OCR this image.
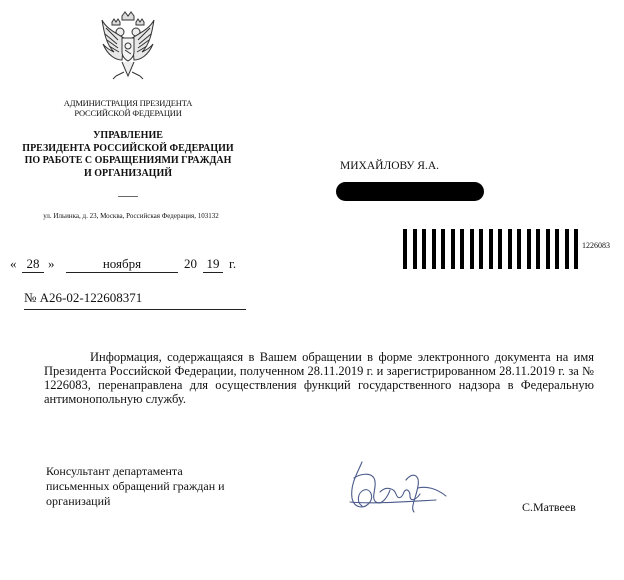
АДМИНИСТРАЦИЯ ПРЕЗИДЕНТА
РОССИЙСКОЙ ФЕДЕРАЦИИ
УПРАВЛЕНИЕ
ПРЕЗИДЕНТА РОССИЙСКОЙ ФЕДЕРАЦИИ
ПО РАБОТЕ С ОБРАЩЕНИЯМИ ГРАЖДАН
И ОРГАНИЗАЦИЙ
ул. Ильинка, д. 23, Москва, Российская Федерация, 103132
« 28 »	ноября	20 19 г.
№ А26-02-122608371
МИХАЙЛОВУ Я.А.
1226083

Информация, содержащаяся в Вашем обращении в форме электронного документа на имя Президента Российской Федерации, полученном 28.11.2019 г. и зарегистрированном 28.11.2019 г. за № 1226083, перенаправлена для осуществления функций государственного надзора в Федеральную антимонопольную службу.

Консультант департамента
письменных обращений граждан и
организаций	С.Матвеев
